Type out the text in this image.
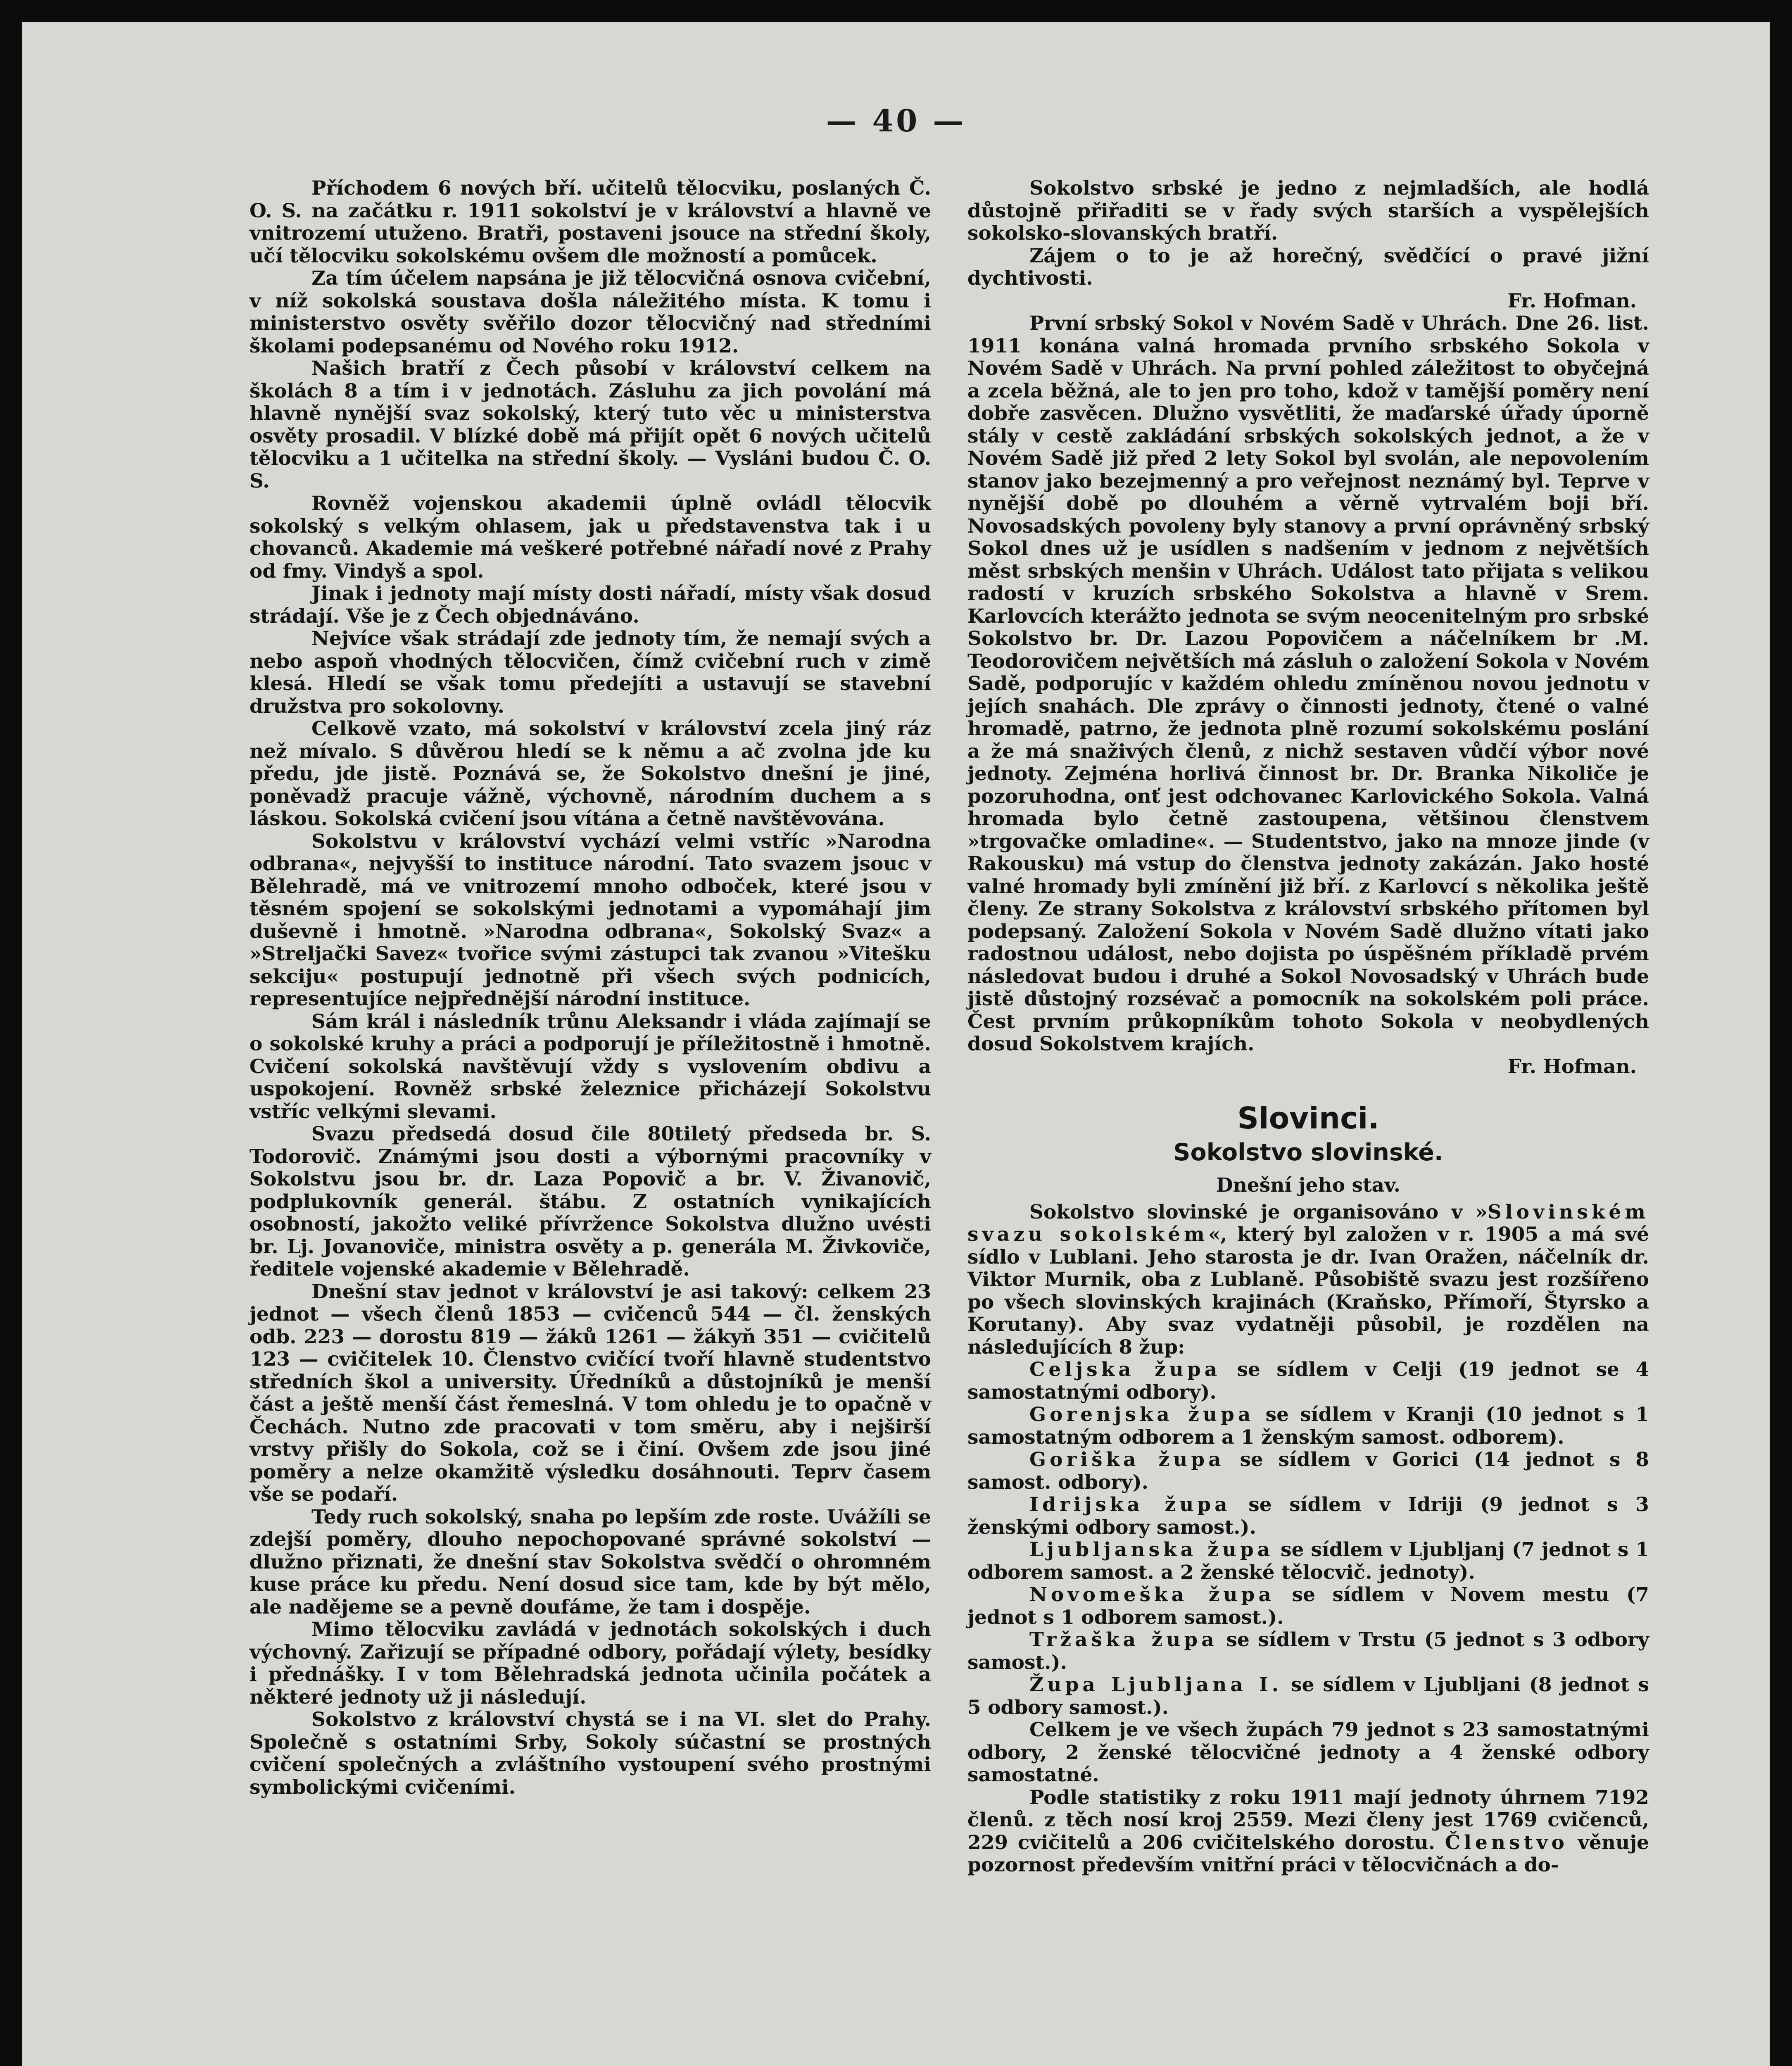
— 40 —

Příchodem 6 nových bří. učitelů tělocviku, poslaných Č. O. S. na začátku r. 1911 sokolství je v království a hlavně ve vnitrozemí utuženo. Bratři, postaveni jsouce na střední školy, učí tělocviku sokolskému ovšem dle možností a pomůcek.

Za tím účelem napsána je již tělocvičná osnova cvičební, v níž sokolská soustava došla náležitého místa. K tomu i ministerstvo osvěty svěřilo dozor tělocvičný nad středními školami podepsanému od Nového roku 1912.

Našich bratří z Čech působí v království celkem na školách 8 a tím i v jednotách. Zásluhu za jich povolání má hlavně nynější svaz sokolský, který tuto věc u ministerstva osvěty prosadil. V blízké době má přijít opět 6 nových učitelů tělocviku a 1 učitelka na střední školy. — Vysláni budou Č. O. S.

Rovněž vojenskou akademii úplně ovládl tělocvik sokolský s velkým ohlasem, jak u představenstva tak i u chovanců. Akademie má veškeré potřebné nářadí nové z Prahy od fmy. Vindyš a spol.

Jinak i jednoty mají místy dosti nářadí, místy však dosud strádají. Vše je z Čech objednáváno.

Nejvíce však strádají zde jednoty tím, že nemají svých a nebo aspoň vhodných tělocvičen, čímž cvičební ruch v zimě klesá. Hledí se však tomu předejíti a ustavují se stavební družstva pro sokolovny.

Celkově vzato, má sokolství v království zcela jiný ráz než mívalo. S důvěrou hledí se k němu a ač zvolna jde ku předu, jde jistě. Poznává se, že Sokolstvo dnešní je jiné, poněvadž pracuje vážně, výchovně, národním duchem a s láskou. Sokolská cvičení jsou vítána a četně navštěvována.

Sokolstvu v království vychází velmi vstříc »Narodna odbrana«, nejvyšší to instituce národní. Tato svazem jsouc v Bělehradě, má ve vnitrozemí mnoho odboček, které jsou v těsném spojení se sokolskými jednotami a vypomáhají jim duševně i hmotně. »Narodna odbrana«, Sokolský Svaz« a »Streljački Savez« tvořice svými zástupci tak zvanou »Vitešku sekciju« postupují jednotně při všech svých podnicích, representujíce nejpřednější národní instituce.

Sám král i následník trůnu Aleksandr i vláda zajímají se o sokolské kruhy a práci a podporují je příležitostně i hmotně. Cvičení sokolská navštěvují vždy s vyslovením obdivu a uspokojení. Rovněž srbské železnice přicházejí Sokolstvu vstříc velkými slevami.

Svazu předsedá dosud čile 80tiletý předseda br. S. Todorovič. Známými jsou dosti a výbornými pracovníky v Sokolstvu jsou br. dr. Laza Popovič a br. V. Živanovič, podplukovník generál. štábu. Z ostatních vynikajících osobností, jakožto veliké přívržence Sokolstva dlužno uvésti br. Lj. Jovanoviče, ministra osvěty a p. generála M. Živkoviče, ředitele vojenské akademie v Bělehradě.

Dnešní stav jednot v království je asi takový: celkem 23 jednot — všech členů 1853 — cvičenců 544 — čl. ženských odb. 223 — dorostu 819 — žáků 1261 — žákyň 351 — cvičitelů 123 — cvičitelek 10. Členstvo cvičící tvoří hlavně studentstvo středních škol a university. Úředníků a důstojníků je menší část a ještě menší část řemeslná. V tom ohledu je to opačně v Čechách. Nutno zde pracovati v tom směru, aby i nejširší vrstvy přišly do Sokola, což se i činí. Ovšem zde jsou jiné poměry a nelze okamžitě výsledku dosáhnouti. Teprv časem vše se podaří.

Tedy ruch sokolský, snaha po lepším zde roste. Uvážíli se zdejší poměry, dlouho nepochopované správné sokolství — dlužno přiznati, že dnešní stav Sokolstva svědčí o ohromném kuse práce ku předu. Není dosud sice tam, kde by být mělo, ale nadějeme se a pevně doufáme, že tam i dospěje.

Mimo tělocviku zavládá v jednotách sokolských i duch výchovný. Zařizují se případné odbory, pořádají výlety, besídky i přednášky. I v tom Bělehradská jednota učinila počátek a některé jednoty už ji následují.

Sokolstvo z království chystá se i na VI. slet do Prahy. Společně s ostatními Srby, Sokoly súčastní se prostných cvičení společných a zvláštního vystoupení svého prostnými symbolickými cvičeními.

Sokolstvo srbské je jedno z nejmladších, ale hodlá důstojně přiřaditi se v řady svých starších a vyspělejších sokolsko-slovanských bratří.

Zájem o to je až horečný, svědčící o pravé jižní dychtivosti.

Fr. Hofman.

První srbský Sokol v Novém Sadě v Uhrách. Dne 26. list. 1911 konána valná hromada prvního srbského Sokola v Novém Sadě v Uhrách. Na první pohled záležitost to obyčejná a zcela běžná, ale to jen pro toho, kdož v tamější poměry není dobře zasvěcen. Dlužno vysvětliti, že maďarské úřady úporně stály v cestě zakládání srbských sokolských jednot, a že v Novém Sadě již před 2 lety Sokol byl svolán, ale nepovolením stanov jako bezejmenný a pro veřejnost neznámý byl. Teprve v nynější době po dlouhém a věrně vytrvalém boji bří. Novosadských povoleny byly stanovy a první oprávněný srbský Sokol dnes už je usídlen s nadšením v jednom z největších měst srbských menšin v Uhrách. Událost tato přijata s velikou radostí v kruzích srbského Sokolstva a hlavně v Srem. Karlovcích kterážto jednota se svým neocenitelným pro srbské Sokolstvo br. Dr. Lazou Popovičem a náčelníkem br .M. Teodorovičem největších má zásluh o založení Sokola v Novém Sadě, podporujíc v každém ohledu zmíněnou novou jednotu v jejích snahách. Dle zprávy o činnosti jednoty, čtené o valné hromadě, patrno, že jednota plně rozumí sokolskému poslání a že má snaživých členů, z nichž sestaven vůdčí výbor nové jednoty. Zejména horlivá činnost br. Dr. Branka Nikoliče je pozoruhodna, onť jest odchovanec Karlovického Sokola. Valná hromada bylo četně zastoupena, většinou členstvem »trgovačke omladine«. — Studentstvo, jako na mnoze jinde (v Rakousku) má vstup do členstva jednoty zakázán. Jako hosté valné hromady byli zmínění již bří. z Karlovcí s několika ještě členy. Ze strany Sokolstva z království srbského přítomen byl podepsaný. Založení Sokola v Novém Sadě dlužno vítati jako radostnou událost, nebo dojista po úspěšném příkladě prvém následovat budou i druhé a Sokol Novosadský v Uhrách bude jistě důstojný rozsévač a pomocník na sokolském poli práce. Čest prvním průkopníkům tohoto Sokola v neobydlených dosud Sokolstvem krajích.

Fr. Hofman.
Slovinci.
Sokolstvo slovinské.
Dnešní jeho stav.

Sokolstvo slovinské je organisováno v »Slovinském svazu sokolském«, který byl založen v r. 1905 a má své sídlo v Lublani. Jeho starosta je dr. Ivan Oražen, náčelník dr. Viktor Murnik, oba z Lublaně. Působiště svazu jest rozšířeno po všech slovinských krajinách (Kraňsko, Přímoří, Štyrsko a Korutany). Aby svaz vydatněji působil, je rozdělen na následujících 8 žup:

Celjska župa se sídlem v Celji (19 jednot se 4 samostatnými odbory).

Gorenjska župa se sídlem v Kranji (10 jednot s 1 samostatným odborem a 1 ženským samost. odborem).

Goriška župa se sídlem v Gorici (14 jednot s 8 samost. odbory).

Idrijska župa se sídlem v Idriji (9 jednot s 3 ženskými odbory samost.).

Ljubljanska župa se sídlem v Ljubljanj (7 jednot s 1 odborem samost. a 2 ženské tělocvič. jednoty).

Novomeška župa se sídlem v Novem mestu (7 jednot s 1 odborem samost.).

Tržaška župa se sídlem v Trstu (5 jednot s 3 odbory samost.).

Župa Ljubljana I. se sídlem v Ljubljani (8 jednot s 5 odbory samost.).

Celkem je ve všech župách 79 jednot s 23 samostatnými odbory, 2 ženské tělocvičné jednoty a 4 ženské odbory samostatné.

Podle statistiky z roku 1911 mají jednoty úhrnem 7192 členů. z těch nosí kroj 2559. Mezi členy jest 1769 cvičenců, 229 cvičitelů a 206 cvičitelského dorostu. Členstvo věnuje pozornost především vnitřní práci v tělocvičnách a do-
